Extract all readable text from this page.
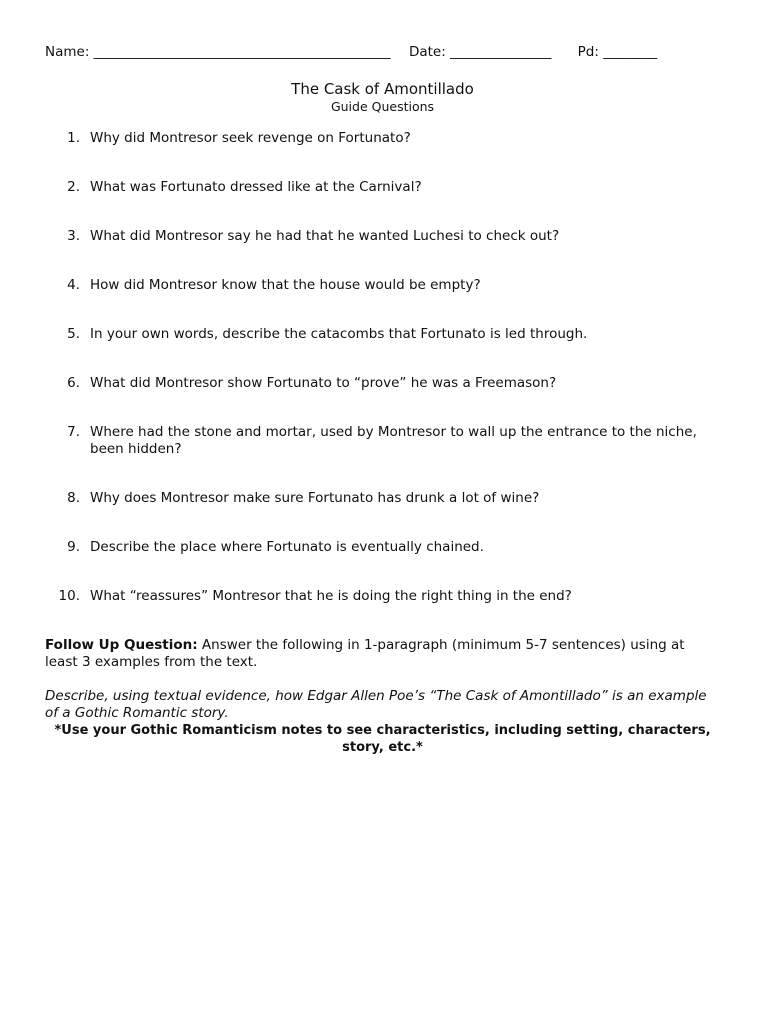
Name: ____________________________________________ Date: _______________ Pd: ________
The Cask of Amontillado
Guide Questions
1. Why did Montresor seek revenge on Fortunato?
2. What was Fortunato dressed like at the Carnival?
3. What did Montresor say he had that he wanted Luchesi to check out?
4. How did Montresor know that the house would be empty?
5. In your own words, describe the catacombs that Fortunato is led through.
6. What did Montresor show Fortunato to “prove” he was a Freemason?
7. Where had the stone and mortar, used by Montresor to wall up the entrance to the niche, been hidden?
8. Why does Montresor make sure Fortunato has drunk a lot of wine?
9. Describe the place where Fortunato is eventually chained.
10. What “reassures” Montresor that he is doing the right thing in the end?
Follow Up Question: Answer the following in 1-paragraph (minimum 5-7 sentences) using at least 3 examples from the text.
Describe, using textual evidence, how Edgar Allen Poe’s “The Cask of Amontillado” is an example of a Gothic Romantic story.
*Use your Gothic Romanticism notes to see characteristics, including setting, characters, story, etc.*
